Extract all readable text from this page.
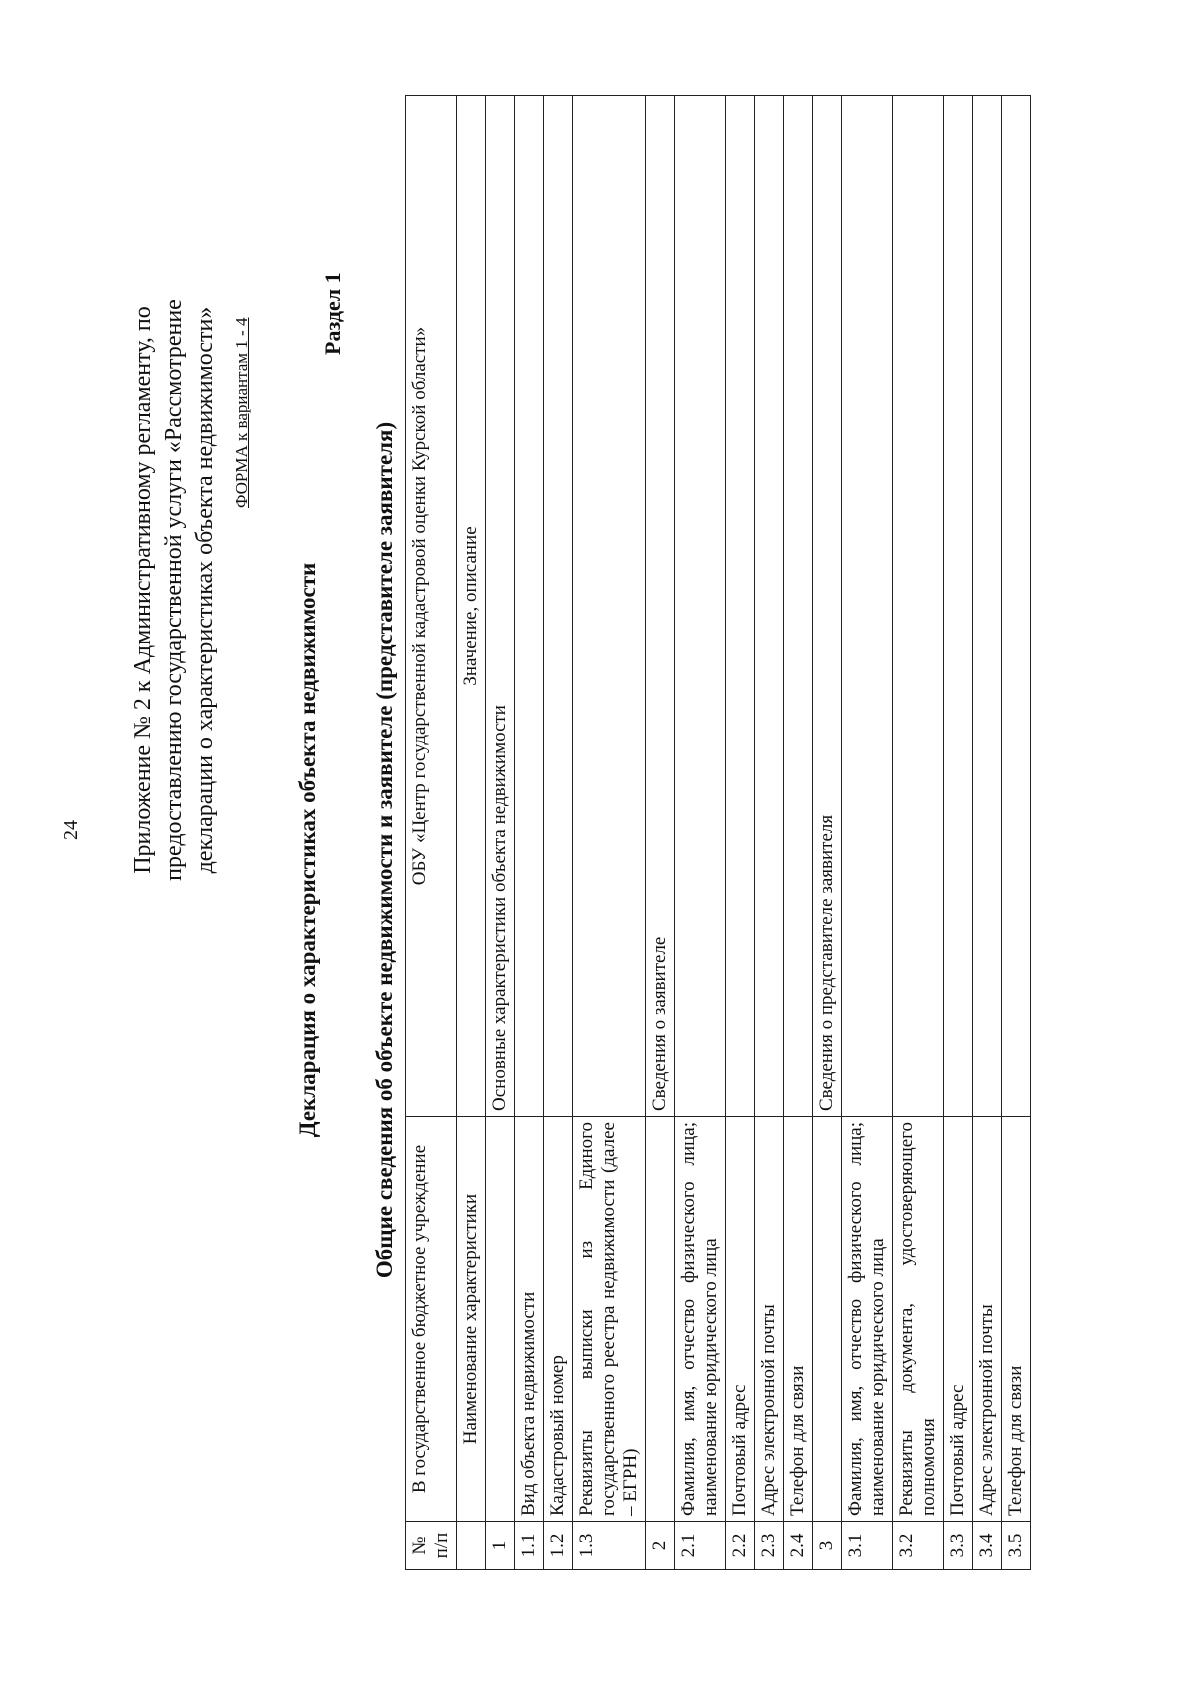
24 Приложение № 2 к Административному регламенту, по предоставлению государственной услуги «Рассмотрение декларации о характеристиках объекта недвижимости» ФОРМА к вариантам 1 - 4
Раздел 1
Декларация о характеристиках объекта недвижимости Общие сведения об объекте недвижимости и заявителе (представителе заявителя)
№ п/п	В государственное бюджетное учреждение	ОБУ «Центр государственной кадастровой оценки Курской области»
	Наименование характеристики	Значение, описание
1		Основные характеристики объекта недвижимости
1.1	Вид объекта недвижимости	
1.2	Кадастровый номер	
1.3	Реквизиты выписки из Единого государственного реестра недвижимости (далее – ЕГРН)	
2		Сведения о заявителе
2.1	Фамилия, имя, отчество физического лица; наименование юридического лица	
2.2	Почтовый адрес	
2.3	Адрес электронной почты	
2.4	Телефон для связи	
3		Сведения о представителе заявителя
3.1	Фамилия, имя, отчество физического лица; наименование юридического лица	
3.2	Реквизиты документа, удостоверяющего полномочия	
3.3	Почтовый адрес	
3.4	Адрес электронной почты	
3.5	Телефон для связи	
